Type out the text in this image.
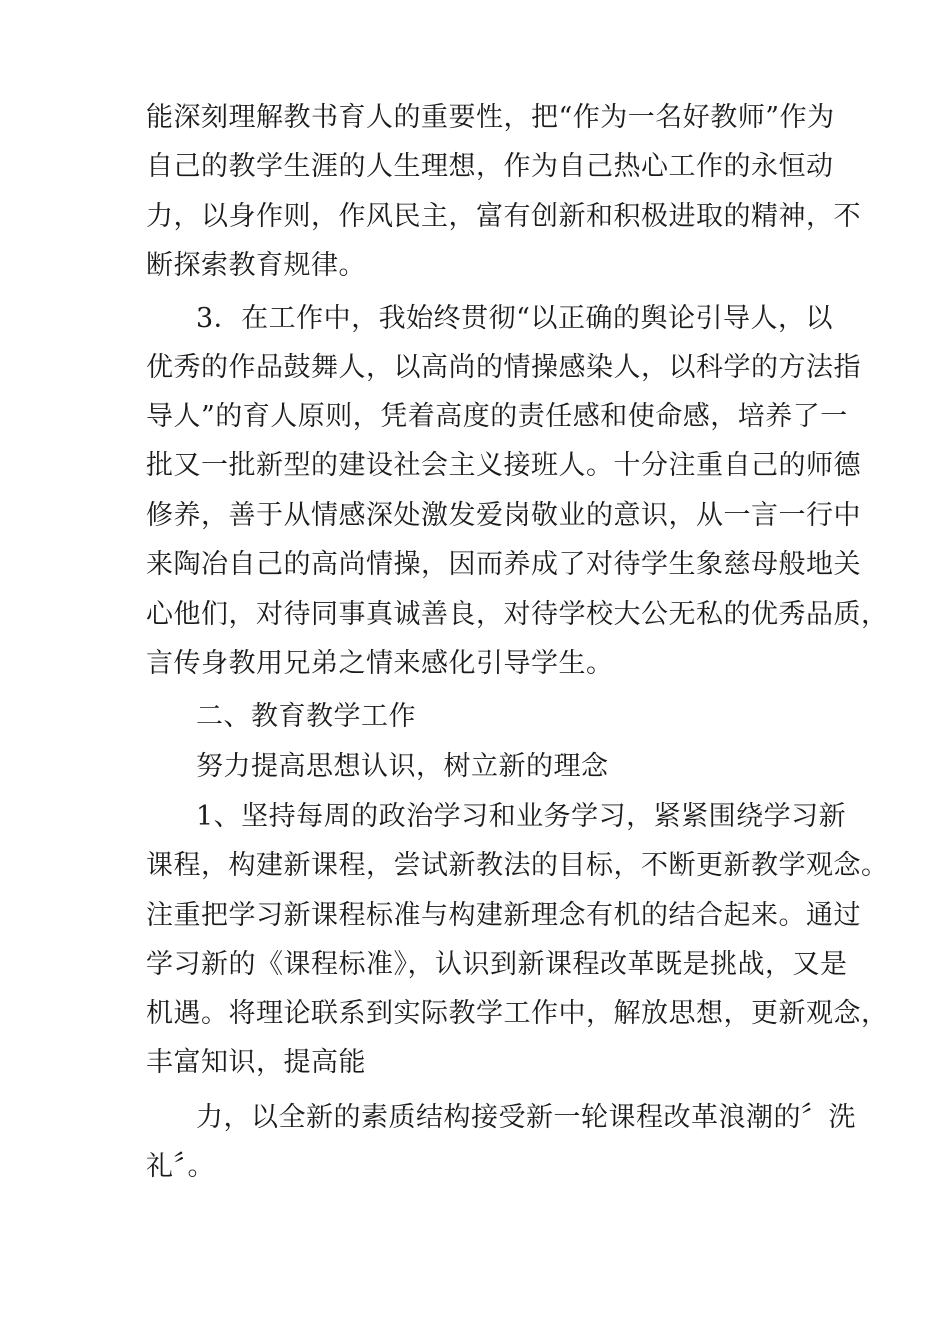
能深刻理解教书育人的重要性，把“作为一名好教师”作为
自己的教学生涯的人生理想，作为自己热心工作的永恒动
力，以身作则，作风民主，富有创新和积极进取的精神，不
断探索教育规律。
3．在工作中，我始终贯彻“以正确的舆论引导人，以
优秀的作品鼓舞人，以高尚的情操感染人，以科学的方法指
导人”的育人原则，凭着高度的责任感和使命感，培养了一
批又一批新型的建设社会主义接班人。十分注重自己的师德
修养，善于从情感深处激发爱岗敬业的意识，从一言一行中
来陶冶自己的高尚情操，因而养成了对待学生象慈母般地关
心他们，对待同事真诚善良，对待学校大公无私的优秀品质，
言传身教用兄弟之情来感化引导学生。
二、教育教学工作
努力提高思想认识，树立新的理念
1、坚持每周的政治学习和业务学习，紧紧围绕学习新
课程，构建新课程，尝试新教法的目标，不断更新教学观念。
注重把学习新课程标准与构建新理念有机的结合起来。通过
学习新的《课程标准》，认识到新课程改革既是挑战，又是
机遇。将理论联系到实际教学工作中，解放思想，更新观念，
丰富知识，提高能
力，以全新的素质结构接受新一轮课程改革浪潮的〞洗
礼〞。
